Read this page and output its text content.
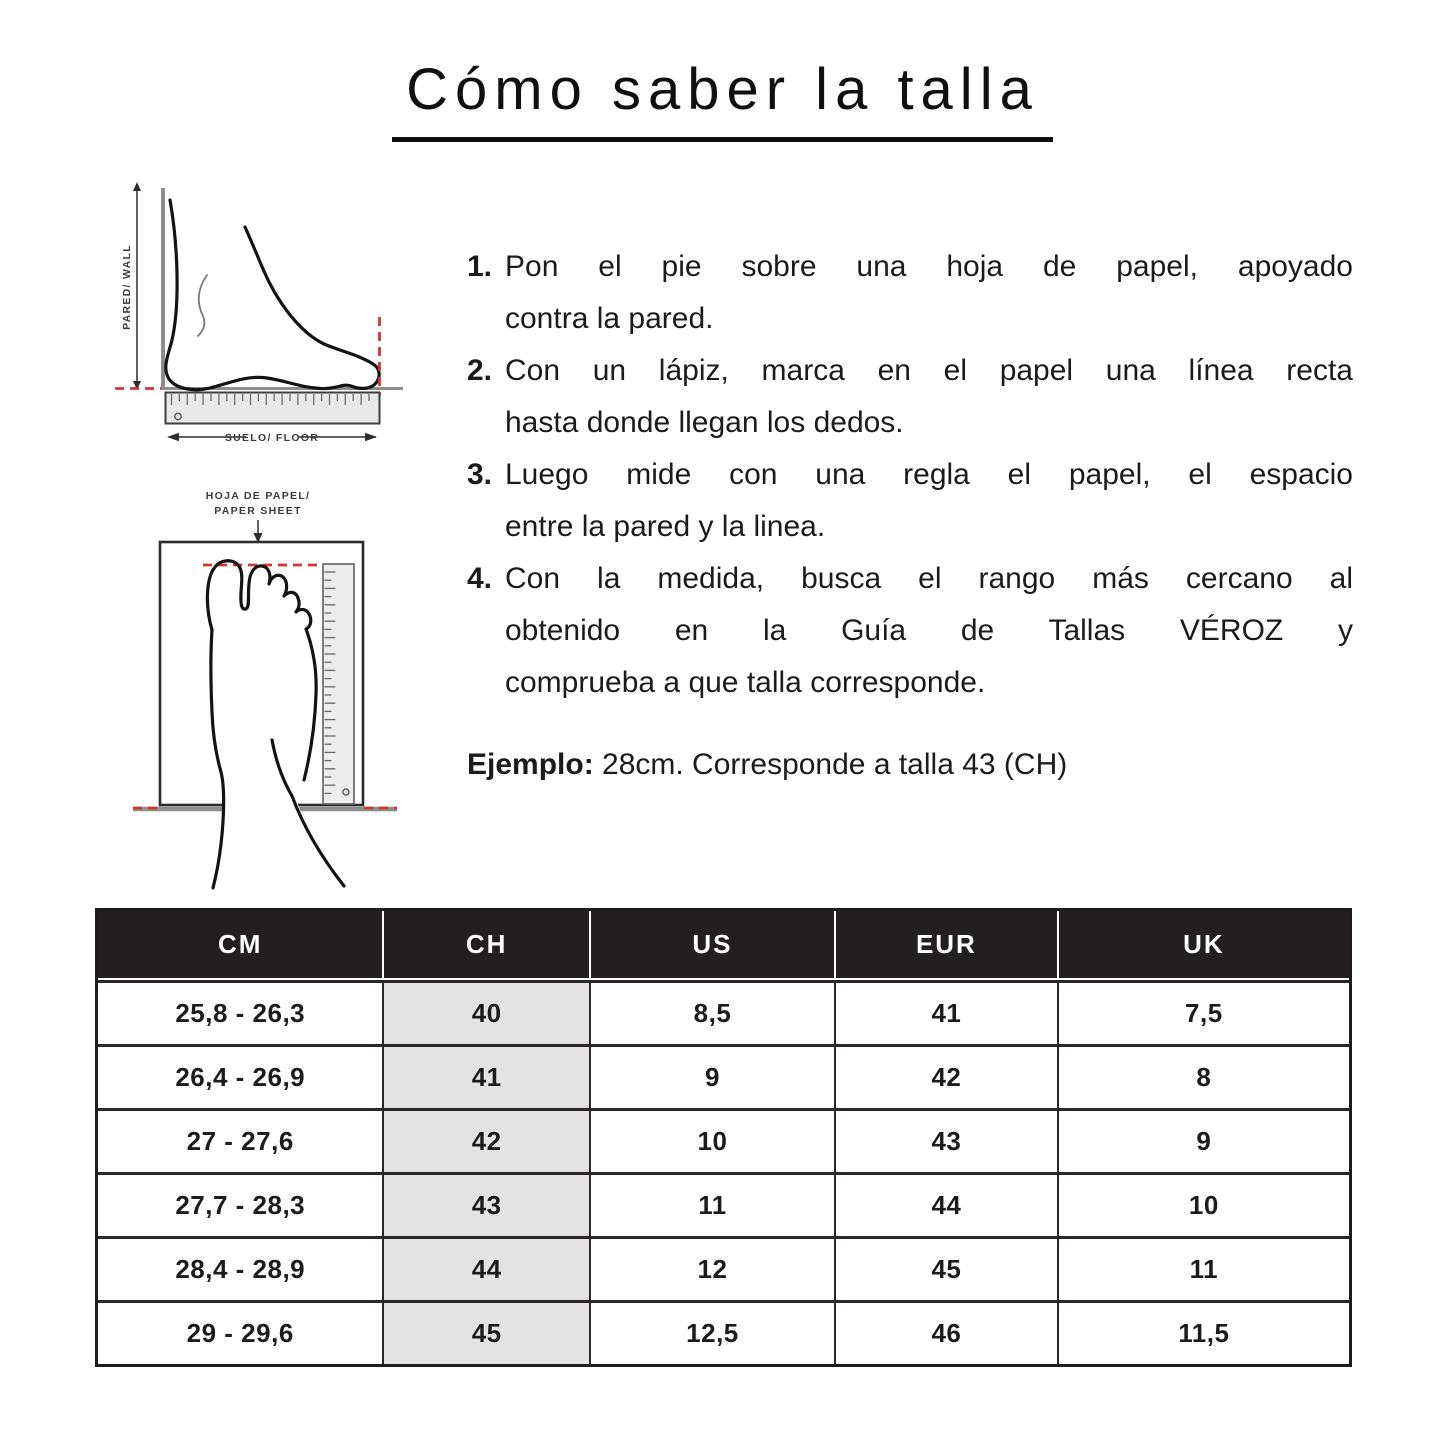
Cómo saber la talla
PARED/ WALL
SUELO/ FLOOR
HOJA DE PAPEL/
PAPER SHEET
1. Pon el pie sobre una hoja de papel, apoyado
contra la pared.
2. Con un lápiz, marca en el papel una línea recta
hasta donde llegan los dedos.
3. Luego mide con una regla el papel, el espacio
entre la pared y la linea.
4. Con la medida, busca el rango más cercano al
obtenido en la Guía de Tallas VÉROZ y
comprueba a que talla corresponde.

Ejemplo: 28cm. Corresponde a talla 43 (CH)

CM	CH	US	EUR	UK
25,8 - 26,3	40	8,5	41	7,5
26,4 - 26,9	41	9	42	8
27 - 27,6	42	10	43	9
27,7 - 28,3	43	11	44	10
28,4 - 28,9	44	12	45	11
29 - 29,6	45	12,5	46	11,5
